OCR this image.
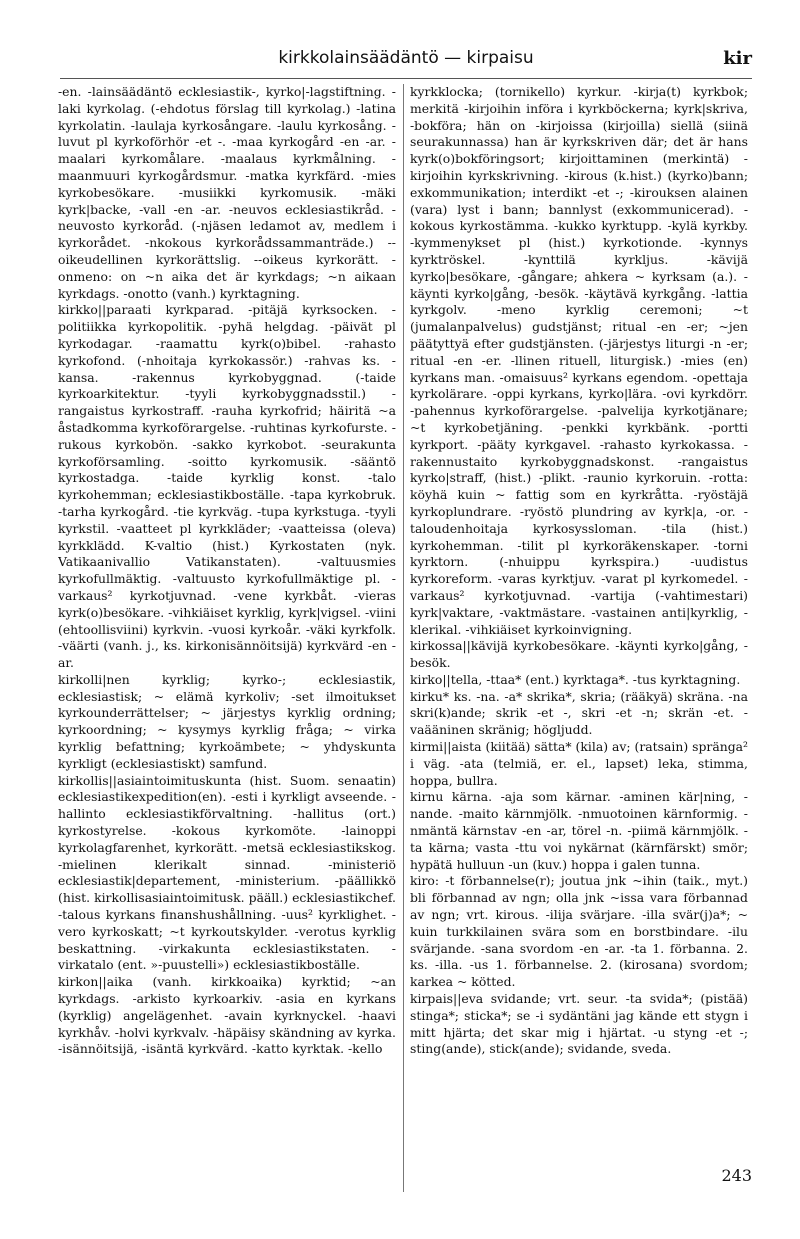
kirkkolainsäädäntö — kirpaisu	kir

-en. -lainsäädäntö ecklesiastik-, kyrko|-lagstiftning. -laki kyrkolag. (-ehdotus förslag till kyrkolag.) -latina kyrkolatin. -laulaja kyrkosångare. -laulu kyrkosång. -luvut pl kyrkoförhör -et -. -maa kyrkogård -en -ar. -maalari kyrkomålare. -maalaus kyrkmålning. -maanmuuri kyrkogårdsmur. -matka kyrkfärd. -mies kyrkobesökare. -musiikki kyrkomusik. -mäki kyrk|backe, -vall -en -ar. -neuvos ecklesiastikråd. -neuvosto kyrkoråd. (-njäsen ledamot av, medlem i kyrkorådet. -nkokous kyrkorådssammanträde.) --oikeudellinen kyrkorättslig. --oikeus kyrkorätt. -onmeno: on ~n aika det är kyrkdags; ~n aikaan kyrkdags. -onotto (vanh.) kyrktagning.

kirkko||paraati kyrkparad. -pitäjä kyrksocken. -politiikka kyrkopolitik. -pyhä helgdag. -päivät pl kyrkodagar. -raamattu kyrk(o)bibel. -rahasto kyrkofond. (-nhoitaja kyrkokassör.) -rahvas ks. -kansa. -rakennus kyrkobyggnad. (-taide kyrkoarkitektur. -tyyli kyrkobyggnadsstil.) -rangaistus kyrkostraff. -rauha kyrkofrid; häiritä ~a åstadkomma kyrkoförargelse. -ruhtinas kyrkofurste. -rukous kyrkobön. -sakko kyrkobot. -seurakunta kyrkoförsamling. -soitto kyrkomusik. -sääntö kyrkostadga. -taide kyrklig konst. -talo kyrkohemman; ecklesiastikboställe. -tapa kyrkobruk. -tarha kyrkogård. -tie kyrkväg. -tupa kyrkstuga. -tyyli kyrkstil. -vaatteet pl kyrkkläder; -vaatteissa (oleva) kyrkklädd. K-valtio (hist.) Kyrkostaten (nyk. Vatikaanivallio Vatikanstaten). -valtuusmies kyrkofullmäktig. -valtuusto kyrkofullmäktige pl. -varkaus² kyrkotjuvnad. -vene kyrkbåt. -vieras kyrk(o)besökare. -vihkiäiset kyrklig, kyrk|vigsel. -viini (ehtoollisviini) kyrkvin. -vuosi kyrkoår. -väki kyrkfolk. -väärti (vanh. j., ks. kirkonisännöitsijä) kyrkvärd -en -ar.

kirkolli|nen kyrklig; kyrko-; ecklesiastik, ecklesiastisk; ~ elämä kyrkoliv; -set ilmoitukset kyrkounderrättelser; ~ järjestys kyrklig ordning; kyrkoordning; ~ kysymys kyrklig fråga; ~ virka kyrklig befattning; kyrkoämbete; ~ yhdyskunta kyrkligt (ecklesiastiskt) samfund.

kirkollis||asiaintoimituskunta (hist. Suom. senaatin) ecklesiastikexpedition(en). -esti i kyrkligt avseende. -hallinto ecklesiastikförvaltning. -hallitus (ort.) kyrkostyrelse. -kokous kyrkomöte. -lainoppi kyrkolagfarenhet, kyrkorätt. -metsä ecklesiastikskog. -mielinen klerikalt sinnad. -ministeriö ecklesiastik|departement, -ministerium. -päällikkö (hist. kirkollisasiaintoimitusk. pääll.) ecklesiastikchef. -talous kyrkans finanshushållning. -uus² kyrklighet. -vero kyrkoskatt; ~t kyrkoutskylder. -verotus kyrklig beskattning. -virkakunta ecklesiastikstaten. -virkatalo (ent. »-puustelli») ecklesiastikboställe.

kirkon||aika (vanh. kirkkoaika) kyrktid; ~an kyrkdags. -arkisto kyrkoarkiv. -asia en kyrkans (kyrklig) angelägenhet. -avain kyrknyckel. -haavi kyrkhåv. -holvi kyrkvalv. -häpäisy skändning av kyrka. -isännöitsijä, -isäntä kyrkvärd. -katto kyrktak. -kello

kyrkklocka; (tornikello) kyrkur. -kirja(t) kyrkbok; merkitä -kirjoihin införa i kyrkböckerna; kyrk|skriva, -bokföra; hän on -kirjoissa (kirjoilla) siellä (siinä seurakunnassa) han är kyrkskriven där; det är hans kyrk(o)bokföringsort; kirjoittaminen (merkintä) -kirjoihin kyrkskrivning. -kirous (k.hist.) (kyrko)bann; exkommunikation; interdikt -et -; -kirouksen alainen (vara) lyst i bann; bannlyst (exkommunicerad). -kokous kyrkostämma. -kukko kyrktupp. -kylä kyrkby. -kymmenykset pl (hist.) kyrkotionde. -kynnys kyrktröskel. -kynttilä kyrkljus. -kävijä kyrko|besökare, -gångare; ahkera ~ kyrksam (a.). -käynti kyrko|gång, -besök. -käytävä kyrkgång. -lattia kyrkgolv. -meno kyrklig ceremoni; ~t (jumalanpalvelus) gudstjänst; ritual -en -er; ~jen päätyttyä efter gudstjänsten. (-järjestys liturgi -n -er; ritual -en -er. -llinen rituell, liturgisk.) -mies (en) kyrkans man. -omaisuus² kyrkans egendom. -opettaja kyrkolärare. -oppi kyrkans, kyrko|lära. -ovi kyrkdörr. -pahennus kyrkoförargelse. -palvelija kyrkotjänare; ~t kyrkobetjäning. -penkki kyrkbänk. -portti kyrkport. -pääty kyrkgavel. -rahasto kyrkokassa. -rakennustaito kyrkobyggnadskonst. -rangaistus kyrko|straff, (hist.) -plikt. -raunio kyrkoruin. -rotta: köyhä kuin ~ fattig som en kyrkråtta. -ryöstäjä kyrkoplundrare. -ryöstö plundring av kyrk|a, -or. -taloudenhoitaja kyrkosyssloman. -tila (hist.) kyrkohemman. -tilit pl kyrkoräkenskaper. -torni kyrktorn. (-nhuippu kyrkspira.) -uudistus kyrkoreform. -varas kyrktjuv. -varat pl kyrkomedel. -varkaus² kyrkotjuvnad. -vartija (-vahtimestari) kyrk|vaktare, -vaktmästare. -vastainen anti|kyrklig, -klerikal. -vihkiäiset kyrkoinvigning.

kirkossa||kävijä kyrkobesökare. -käynti kyrko|gång, -besök.

kirko||tella, -ttaa* (ent.) kyrktaga*. -tus kyrktagning.

kirku* ks. -na. -a* skrika*, skria; (rääkyä) skräna. -na skri(k)ande; skrik -et -, skri -et -n; skrän -et. -vaääninen skränig; högljudd.

kirmi||aista (kiitää) sätta* (kila) av; (ratsain) spränga² i väg. -ata (telmiä, er. el., lapset) leka, stimma, hoppa, bullra.

kirnu kärna. -aja som kärnar. -aminen kär|ning, -nande. -maito kärnmjölk. -nmuotoinen kärnformig. -nmäntä kärnstav -en -ar, törel -n. -piimä kärnmjölk. -ta kärna; vasta -ttu voi nykärnat (kärnfärskt) smör; hypätä hulluun -un (kuv.) hoppa i galen tunna.

kiro: -t förbannelse(r); joutua jnk ~ihin (taik., myt.) bli förbannad av ngn; olla jnk ~issa vara förbannad av ngn; vrt. kirous. -ilija svärjare. -illa svär(j)a*; ~ kuin turkkilainen svära som en borstbindare. -ilu svärjande. -sana svordom -en -ar. -ta 1. förbanna. 2. ks. -illa. -us 1. förbannelse. 2. (kirosana) svordom; karkea ~ kötted.

kirpais||eva svidande; vrt. seur. -ta svida*; (pistää) stinga*; sticka*; se -i sydäntäni jag kände ett stygn i mitt hjärta; det skar mig i hjärtat. -u styng -et -; sting(ande), stick(ande); svidande, sveda.

243
